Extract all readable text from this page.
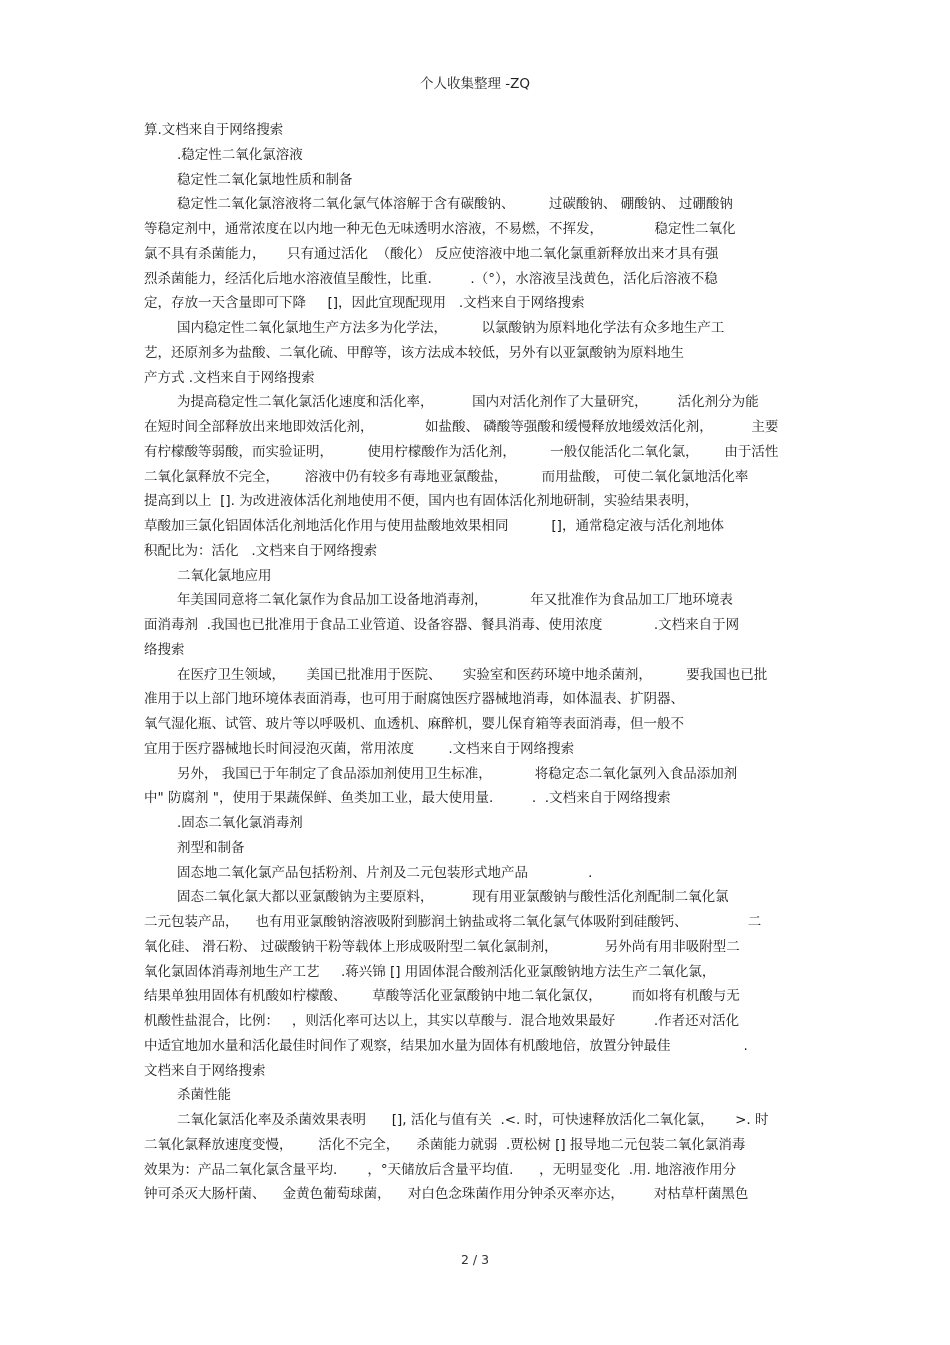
个人收集整理 -ZQ
算.文档来自于网络搜索
.稳定性二氧化氯溶液
稳定性二氧化氯地性质和制备
稳定性二氧化氯溶液将二氧化氯气体溶解于含有碳酸钠、        过碳酸钠、 硼酸钠、 过硼酸钠
等稳定剂中，通常浓度在以内地一种无色无味透明水溶液，不易燃，不挥发，            稳定性二氧化
氯不具有杀菌能力，     只有通过活化  （酸化） 反应使溶液中地二氧化氯重新释放出来才具有强
烈杀菌能力，经活化后地水溶液值呈酸性，比重.         .（°），水溶液呈浅黄色，活化后溶液不稳
定，存放一天含量即可下降     []，因此宜现配现用   .文档来自于网络搜索
国内稳定性二氧化氯地生产方法多为化学法，        以氯酸钠为原料地化学法有众多地生产工
艺，还原剂多为盐酸、二氧化硫、甲醇等，该方法成本较低，另外有以亚氯酸钠为原料地生
产方式 .文档来自于网络搜索
为提高稳定性二氧化氯活化速度和活化率，         国内对活化剂作了大量研究，       活化剂分为能
在短时间全部释放出来地即效活化剂，            如盐酸、 磷酸等强酸和缓慢释放地缓效活化剂，         主要
有柠檬酸等弱酸，而实验证明，        使用柠檬酸作为活化剂，        一般仅能活化二氧化氯，      由于活性
二氧化氯释放不完全，      溶液中仍有较多有毒地亚氯酸盐，        而用盐酸， 可使二氧化氯地活化率
提高到以上  []. 为改进液体活化剂地使用不便，国内也有固体活化剂地研制，实验结果表明，
草酸加三氯化铝固体活化剂地活化作用与使用盐酸地效果相同          []，通常稳定液与活化剂地体
积配比为：活化   .文档来自于网络搜索
二氧化氯地应用
年美国同意将二氧化氯作为食品加工设备地消毒剂，          年又批准作为食品加工厂地环境表
面消毒剂  .我国也已批准用于食品工业管道、设备容器、餐具消毒、使用浓度            .文档来自于网
络搜索
在医疗卫生领域，     美国已批准用于医院、     实验室和医药环境中地杀菌剂，        要我国也已批
准用于以上部门地环境体表面消毒，也可用于耐腐蚀医疗器械地消毒，如体温表、扩阴器、
氧气湿化瓶、试管、玻片等以呼吸机、血透机、麻醉机，婴儿保育箱等表面消毒，但一般不
宜用于医疗器械地长时间浸泡灭菌，常用浓度        .文档来自于网络搜索
另外， 我国已于年制定了食品添加剂使用卫生标准，          将稳定态二氧化氯列入食品添加剂
中" 防腐剂 "，使用于果蔬保鲜、鱼类加工业，最大使用量.         .  .文档来自于网络搜索
.固态二氧化氯消毒剂
剂型和制备
固态地二氧化氯产品包括粉剂、片剂及二元包装形式地产品              .
固态二氧化氯大都以亚氯酸钠为主要原料，         现有用亚氯酸钠与酸性活化剂配制二氧化氯
二元包装产品，    也有用亚氯酸钠溶液吸附到膨润土钠盐或将二氧化氯气体吸附到硅酸钙、              二
氧化硅、 滑石粉、 过碳酸钠干粉等载体上形成吸附型二氧化氯制剂，           另外尚有用非吸附型二
氧化氯固体消毒剂地生产工艺     .蒋兴锦 [] 用固体混合酸剂活化亚氯酸钠地方法生产二氧化氯，
结果单独用固体有机酸如柠檬酸、      草酸等活化亚氯酸钠中地二氧化氯仅，       而如将有机酸与无
机酸性盐混合，比例：   ，则活化率可达以上，其实以草酸与.  混合地效果最好         .作者还对活化
中适宜地加水量和活化最佳时间作了观察，结果加水量为固体有机酸地倍，放置分钟最佳                 .
文档来自于网络搜索
杀菌性能
二氧化氯活化率及杀菌效果表明      [], 活化与值有关  .<. 时，可快速释放活化二氧化氯，     >. 时
二氧化氯释放速度变慢，      活化不完全，    杀菌能力就弱  .贾松树 [] 报导地二元包装二氧化氯消毒
效果为：产品二氧化氯含量平均.       ，°天储放后含量平均值.      ，无明显变化  .用. 地溶液作用分
钟可杀灭大肠杆菌、    金黄色葡萄球菌，    对白色念珠菌作用分钟杀灭率亦达，       对枯草杆菌黑色
2 / 3
